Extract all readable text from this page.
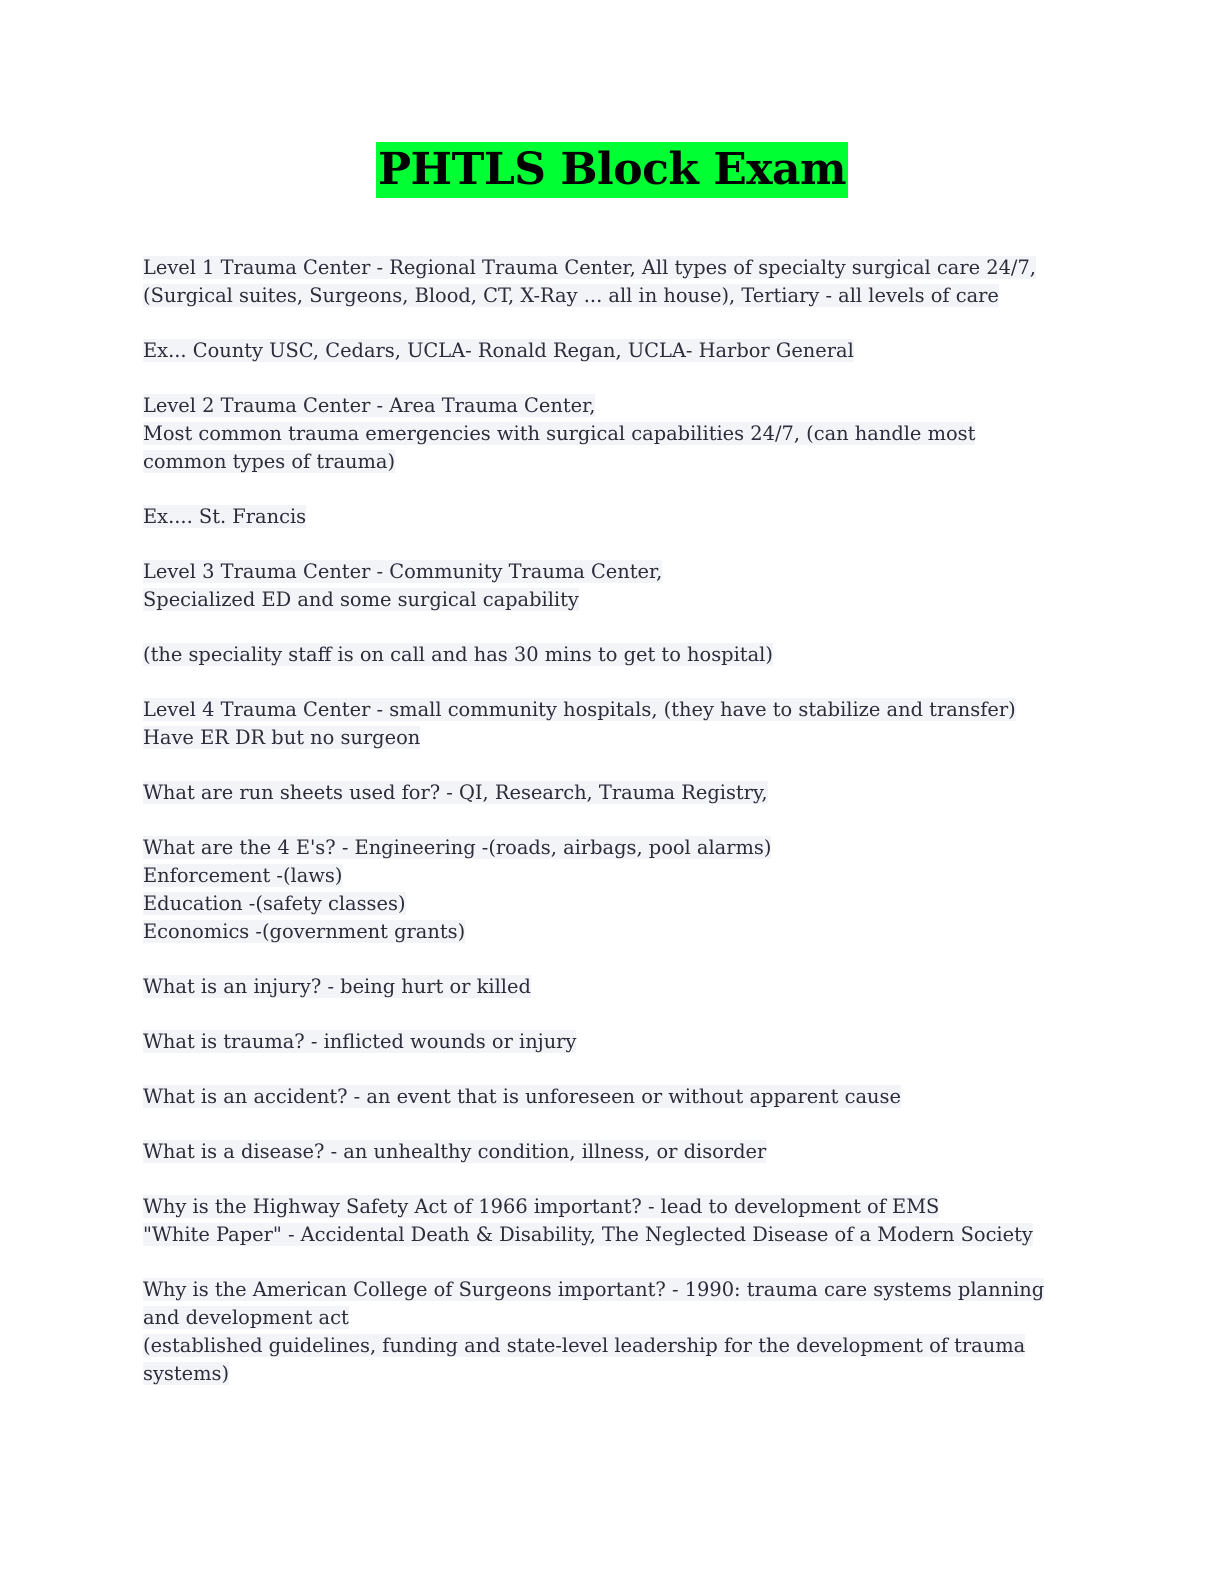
PHTLS Block Exam
Level 1 Trauma Center - Regional Trauma Center, All types of specialty surgical care 24/7,
(Surgical suites, Surgeons, Blood, CT, X-Ray ... all in house), Tertiary - all levels of care
Ex... County USC, Cedars, UCLA- Ronald Regan, UCLA- Harbor General
Level 2 Trauma Center - Area Trauma Center,
Most common trauma emergencies with surgical capabilities 24/7, (can handle most
common types of trauma)
Ex.... St. Francis
Level 3 Trauma Center - Community Trauma Center,
Specialized ED and some surgical capability
(the speciality staff is on call and has 30 mins to get to hospital)
Level 4 Trauma Center - small community hospitals, (they have to stabilize and transfer)
Have ER DR but no surgeon
What are run sheets used for? - QI, Research, Trauma Registry,
What are the 4 E's? - Engineering -(roads, airbags, pool alarms)
Enforcement -(laws)
Education -(safety classes)
Economics -(government grants)
What is an injury? - being hurt or killed
What is trauma? - inflicted wounds or injury
What is an accident? - an event that is unforeseen or without apparent cause
What is a disease? - an unhealthy condition, illness, or disorder
Why is the Highway Safety Act of 1966 important? - lead to development of EMS
"White Paper" - Accidental Death & Disability, The Neglected Disease of a Modern Society
Why is the American College of Surgeons important? - 1990: trauma care systems planning
and development act
(established guidelines, funding and state-level leadership for the development of trauma
systems)
